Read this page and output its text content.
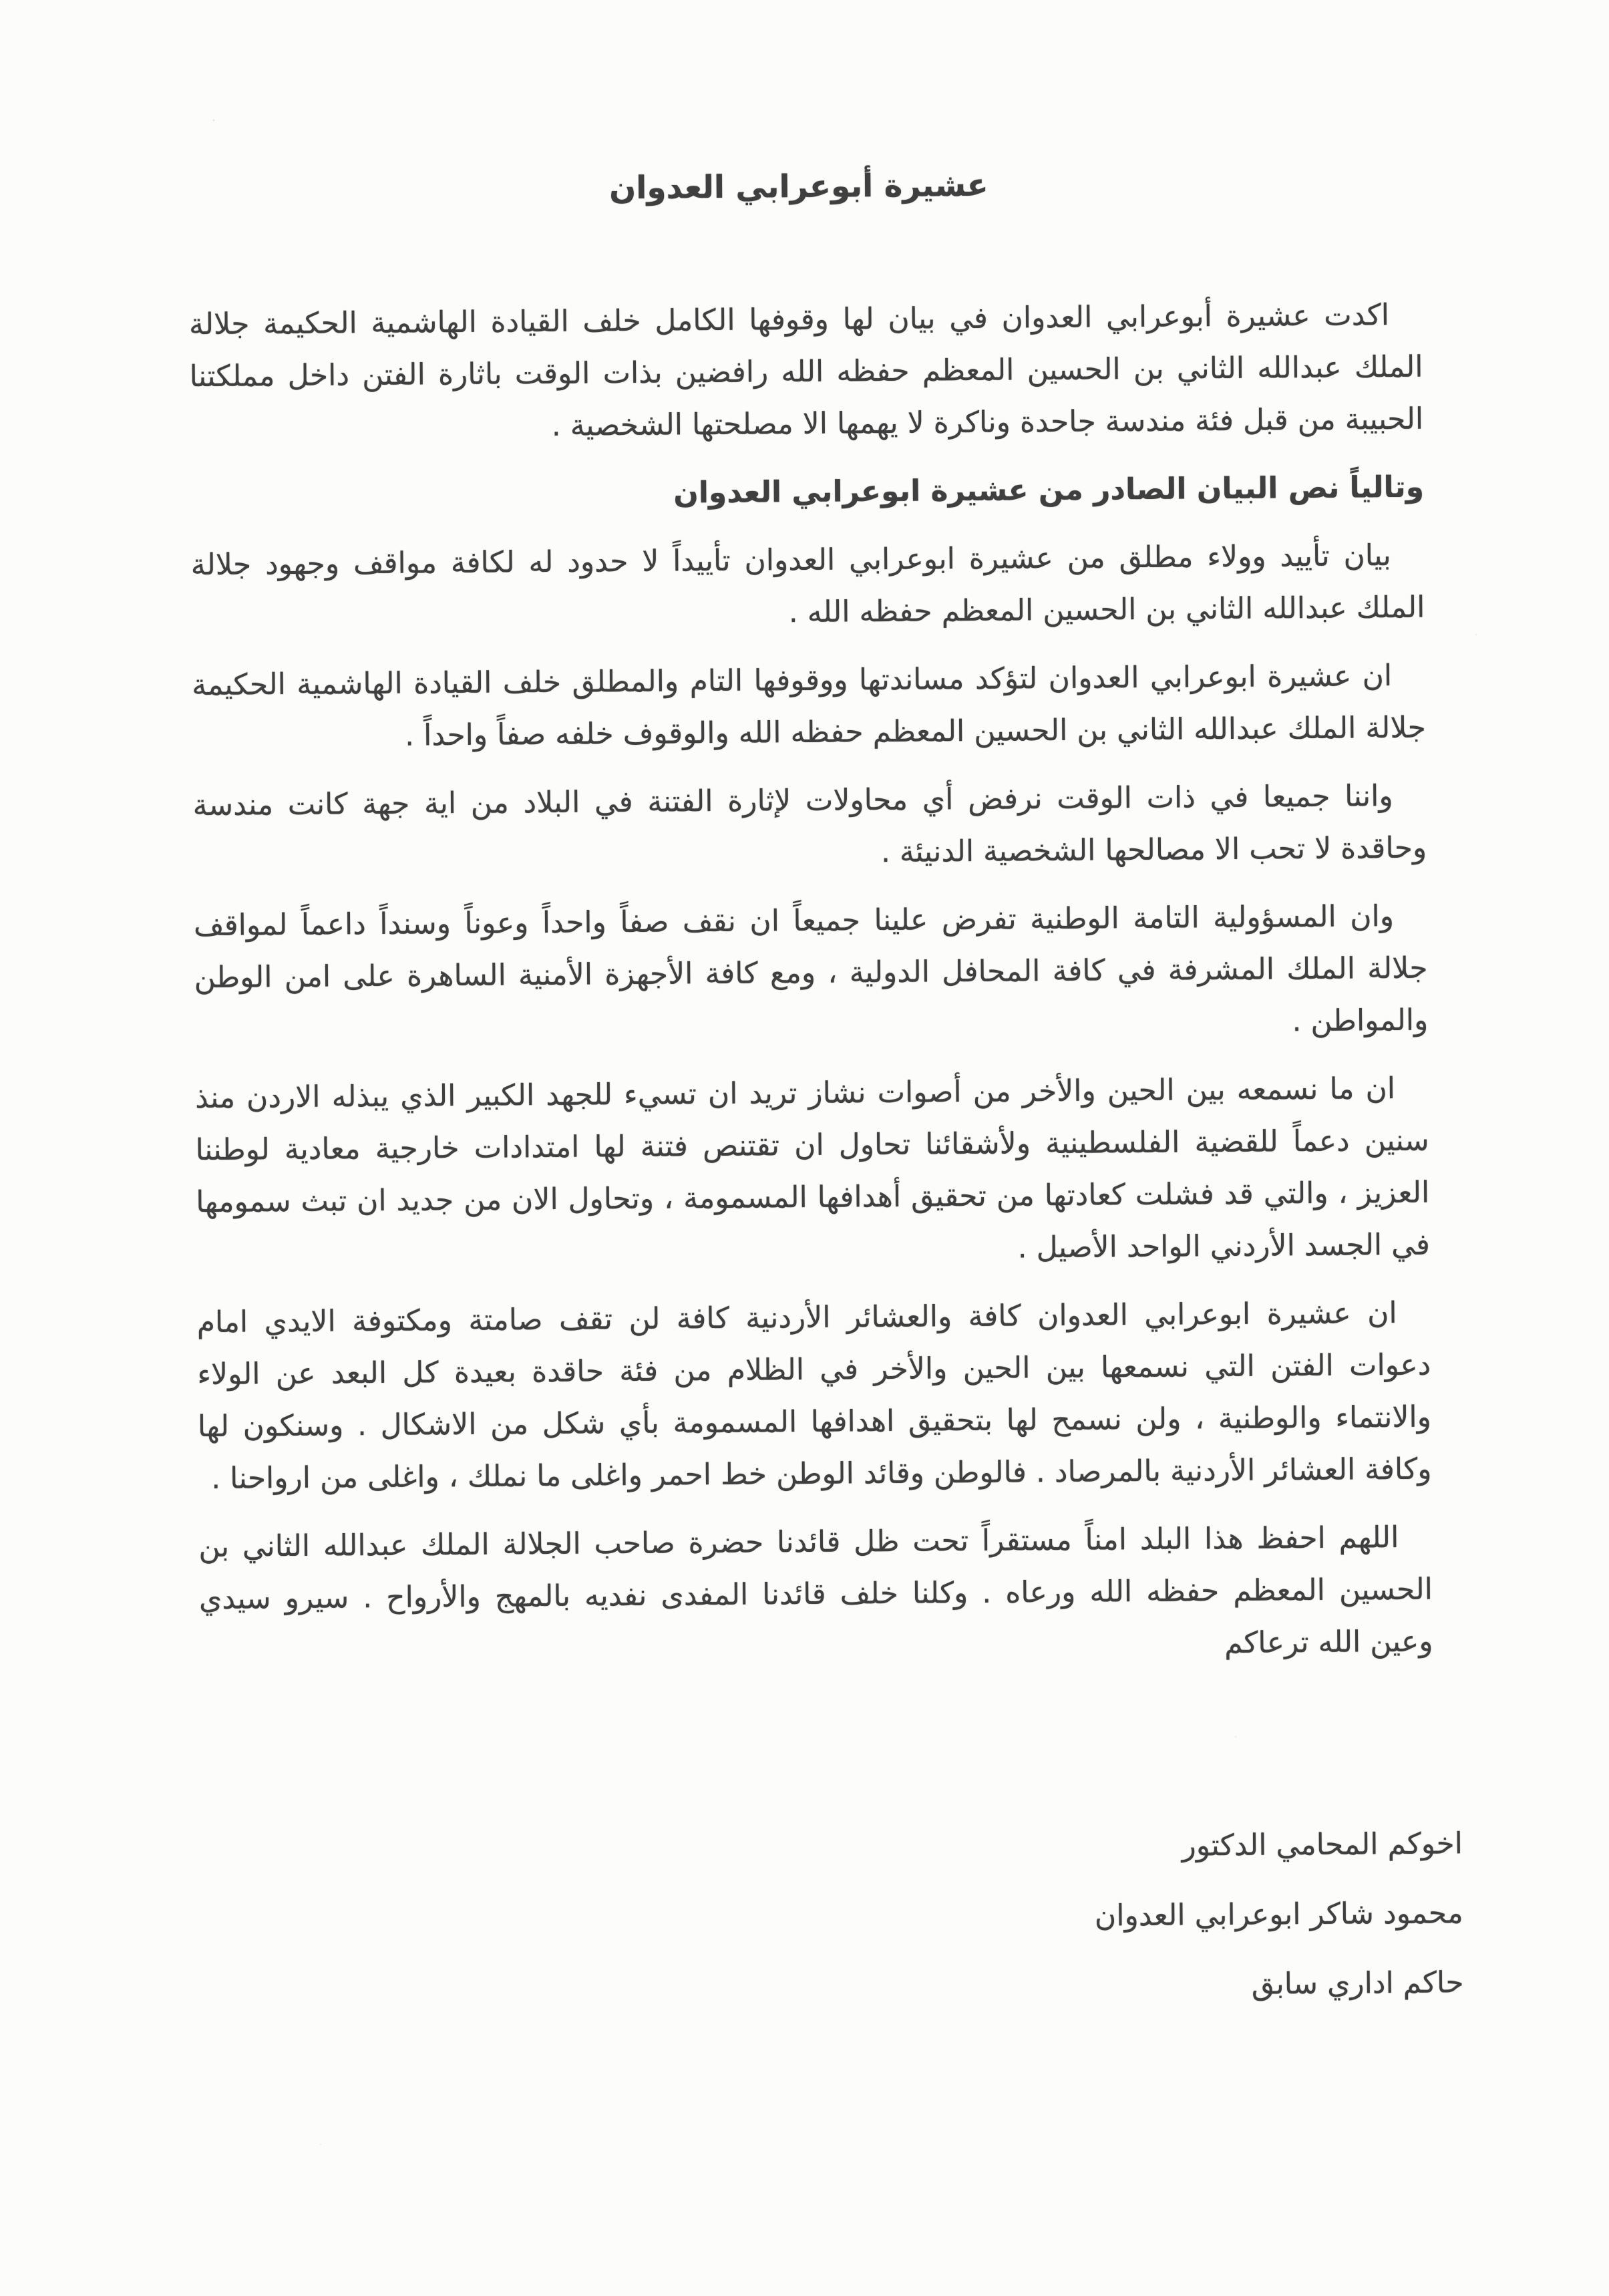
عشيرة أبوعرابي العدوان

اكدت عشيرة أبوعرابي العدوان في بيان لها وقوفها الكامل خلف القيادة الهاشمية الحكيمة جلالة الملك عبدالله الثاني بن الحسين المعظم حفظه الله رافضين بذات الوقت باثارة الفتن داخل مملكتنا الحبيبة من قبل فئة مندسة جاحدة وناكرة لا يهمها الا مصلحتها الشخصية .

وتالياً نص البيان الصادر من عشيرة ابوعرابي العدوان

بيان تأييد وولاء مطلق من عشيرة ابوعرابي العدوان تأييداً لا حدود له لكافة مواقف وجهود جلالة الملك عبدالله الثاني بن الحسين المعظم حفظه الله .

ان عشيرة ابوعرابي العدوان لتؤكد مساندتها ووقوفها التام والمطلق خلف القيادة الهاشمية الحكيمة جلالة الملك عبدالله الثاني بن الحسين المعظم حفظه الله والوقوف خلفه صفاً واحداً .

واننا جميعا في ذات الوقت نرفض أي محاولات لإثارة الفتنة في البلاد من اية جهة كانت مندسة وحاقدة لا تحب الا مصالحها الشخصية الدنيئة .

وان المسؤولية التامة الوطنية تفرض علينا جميعاً ان نقف صفاً واحداً وعوناً وسنداً داعماً لمواقف جلالة الملك المشرفة في كافة المحافل الدولية ، ومع كافة الأجهزة الأمنية الساهرة على امن الوطن والمواطن .

ان ما نسمعه بين الحين والأخر من أصوات نشاز تريد ان تسيء للجهد الكبير الذي يبذله الاردن منذ سنين دعماً للقضية الفلسطينية ولأشقائنا تحاول ان تقتنص فتنة لها امتدادات خارجية معادية لوطننا العزيز ، والتي قد فشلت كعادتها من تحقيق أهدافها المسمومة ، وتحاول الان من جديد ان تبث سمومها في الجسد الأردني الواحد الأصيل .

ان عشيرة ابوعرابي العدوان كافة والعشائر الأردنية كافة لن تقف صامتة ومكتوفة الايدي امام دعوات الفتن التي نسمعها بين الحين والأخر في الظلام من فئة حاقدة بعيدة كل البعد عن الولاء والانتماء والوطنية ، ولن نسمح لها بتحقيق اهدافها المسمومة بأي شكل من الاشكال . وسنكون لها وكافة العشائر الأردنية بالمرصاد . فالوطن وقائد الوطن خط احمر واغلى ما نملك ، واغلى من ارواحنا .

اللهم احفظ هذا البلد امناً مستقراً تحت ظل قائدنا حضرة صاحب الجلالة الملك عبدالله الثاني بن الحسين المعظم حفظه الله ورعاه . وكلنا خلف قائدنا المفدى نفديه بالمهج والأرواح . سيرو سيدي وعين الله ترعاكم

اخوكم المحامي الدكتور
محمود شاكر ابوعرابي العدوان
حاكم اداري سابق
